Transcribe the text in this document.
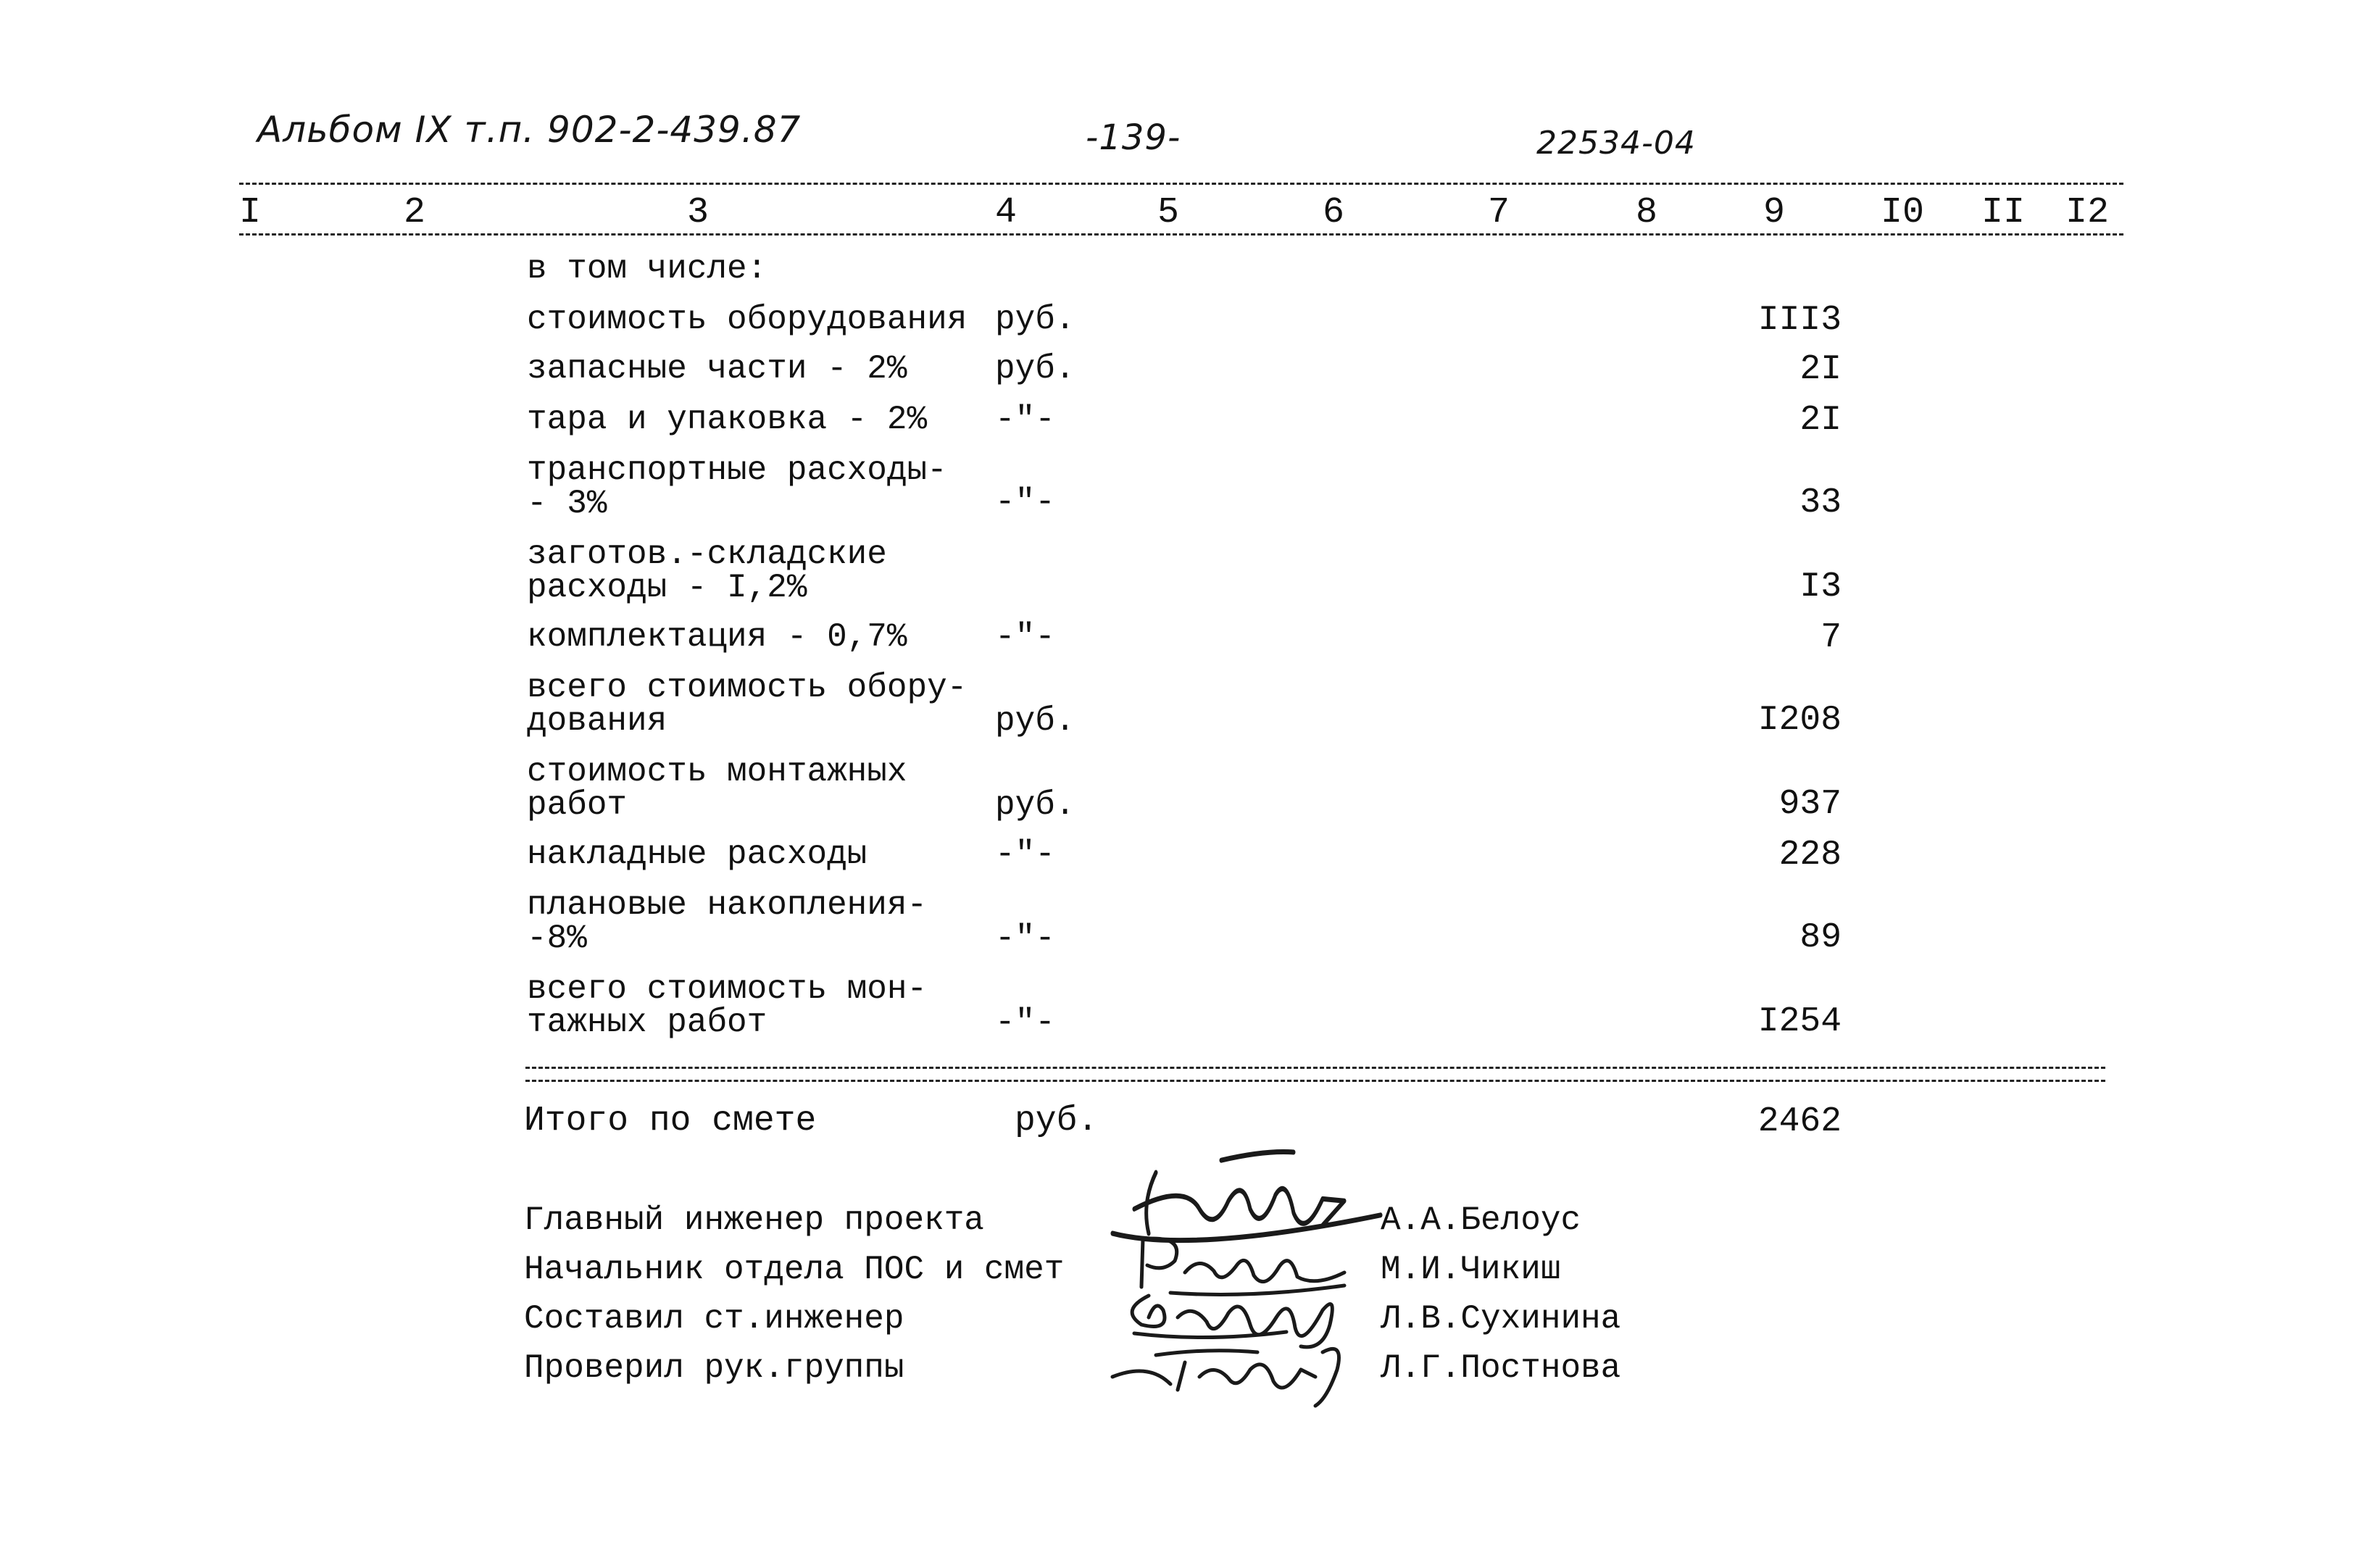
Альбом IX т.п. 902-2-439.87	-139-	22534-04
I	2	3	4	5	6	7	8	9	I0 II I2
в том числе:
стоимость оборудования руб.	III3
запасные части - 2%	руб.	2I
тара и упаковка - 2%	-"-	2I
транспортные расходы-
- 3%	-"-	33
заготов.-складские
расходы - I,2%	I3
комплектация - 0,7%	-"-	7
всего стоимость обору-
дования	руб.	I208
стоимость монтажных
работ	руб.	937
накладные расходы	-"-	228
плановые накопления-
-8%	-"-	89
всего стоимость мон-
тажных работ	-"-	I254
Итого по смете	руб.	2462
Главный инженер проекта	А.А.Белоус
Начальник отдела ПОС и смет	М.И.Чикиш
Составил ст.инженер	Л.В.Сухинина
Проверил рук.группы	Л.Г.Постнова
